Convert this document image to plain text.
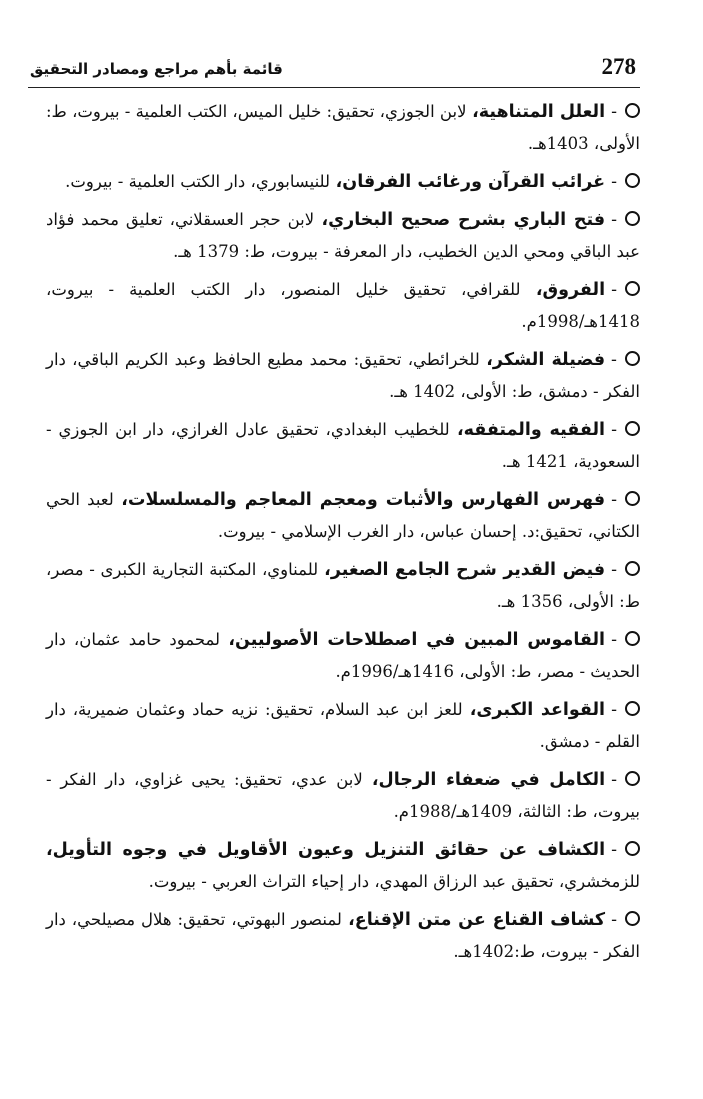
278
قائمة بأهم مراجع ومصادر التحقيق
-العلل المتناهية، لابن الجوزي، تحقيق: خليل الميس، الكتب العلمية - بيروت، ط: الأولى، 1403هـ.
-غرائب القرآن ورغائب الفرقان، للنيسابوري، دار الكتب العلمية - بيروت.
-فتح الباري بشرح صحيح البخاري، لابن حجر العسقلاني، تعليق محمد فؤاد عبد الباقي ومحي الدين الخطيب، دار المعرفة - بيروت، ط: 1379 هـ.
-الفروق، للقرافي، تحقيق خليل المنصور، دار الكتب العلمية - بيروت، 1418هـ/1998م.
-فضيلة الشكر، للخرائطي، تحقيق: محمد مطيع الحافظ وعبد الكريم الباقي، دار الفكر - دمشق، ط: الأولى، 1402 هـ.
-الفقيه والمتفقه، للخطيب البغدادي، تحقيق عادل الغرازي، دار ابن الجوزي - السعودية، 1421 هـ.
-فهرس الفهارس والأثبات ومعجم المعاجم والمسلسلات، لعبد الحي الكتاني، تحقيق:د. إحسان عباس، دار الغرب الإسلامي - بيروت.
-فيض القدير شرح الجامع الصغير، للمناوي، المكتبة التجارية الكبرى - مصر، ط: الأولى، 1356 هـ.
-القاموس المبين في اصطلاحات الأصوليين، لمحمود حامد عثمان، دار الحديث - مصر، ط: الأولى، 1416هـ/1996م.
-القواعد الكبرى، للعز ابن عبد السلام، تحقيق: نزيه حماد وعثمان ضميرية، دار القلم - دمشق.
-الكامل في ضعفاء الرجال، لابن عدي، تحقيق: يحيى غزاوي، دار الفكر - بيروت، ط: الثالثة، 1409هـ/1988م.
-الكشاف عن حقائق التنزيل وعيون الأقاويل في وجوه التأويل، للزمخشري، تحقيق عبد الرزاق المهدي، دار إحياء التراث العربي - بيروت.
-كشاف القناع عن متن الإقناع، لمنصور البهوتي، تحقيق: هلال مصيلحي، دار الفكر - بيروت، ط:1402هـ.
